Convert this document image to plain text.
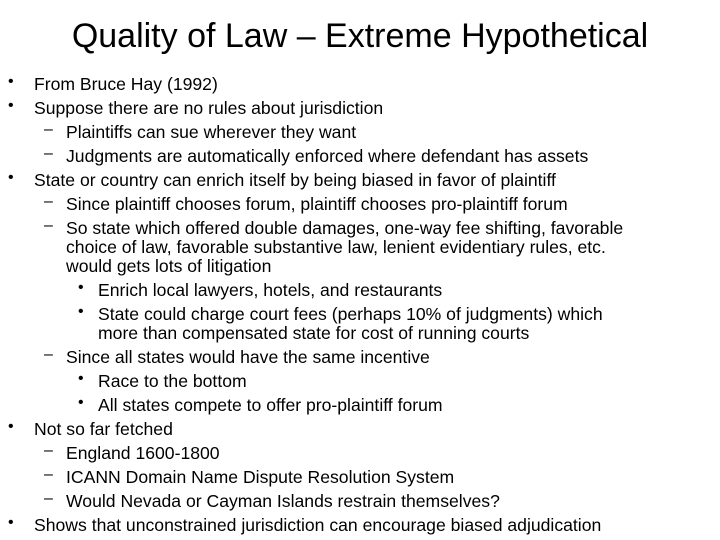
Quality of Law – Extreme Hypothetical
•	From Bruce Hay (1992)
•	Suppose there are no rules about jurisdiction
– Plaintiffs can sue wherever they want
– Judgments are automatically enforced where defendant has assets
•	State or country can enrich itself by being biased in favor of plaintiff
– Since plaintiff chooses forum, plaintiff chooses pro-plaintiff forum
– So state which offered double damages, one-way fee shifting, favorable
choice of law, favorable substantive law, lenient evidentiary rules, etc.
would gets lots of litigation
• Enrich local lawyers, hotels, and restaurants
• State could charge court fees (perhaps 10% of judgments) which
more than compensated state for cost of running courts
– Since all states would have the same incentive
• Race to the bottom
• All states compete to offer pro-plaintiff forum
•	Not so far fetched
– England 1600-1800
– ICANN Domain Name Dispute Resolution System
– Would Nevada or Cayman Islands restrain themselves?
•	Shows that unconstrained jurisdiction can encourage biased adjudication
